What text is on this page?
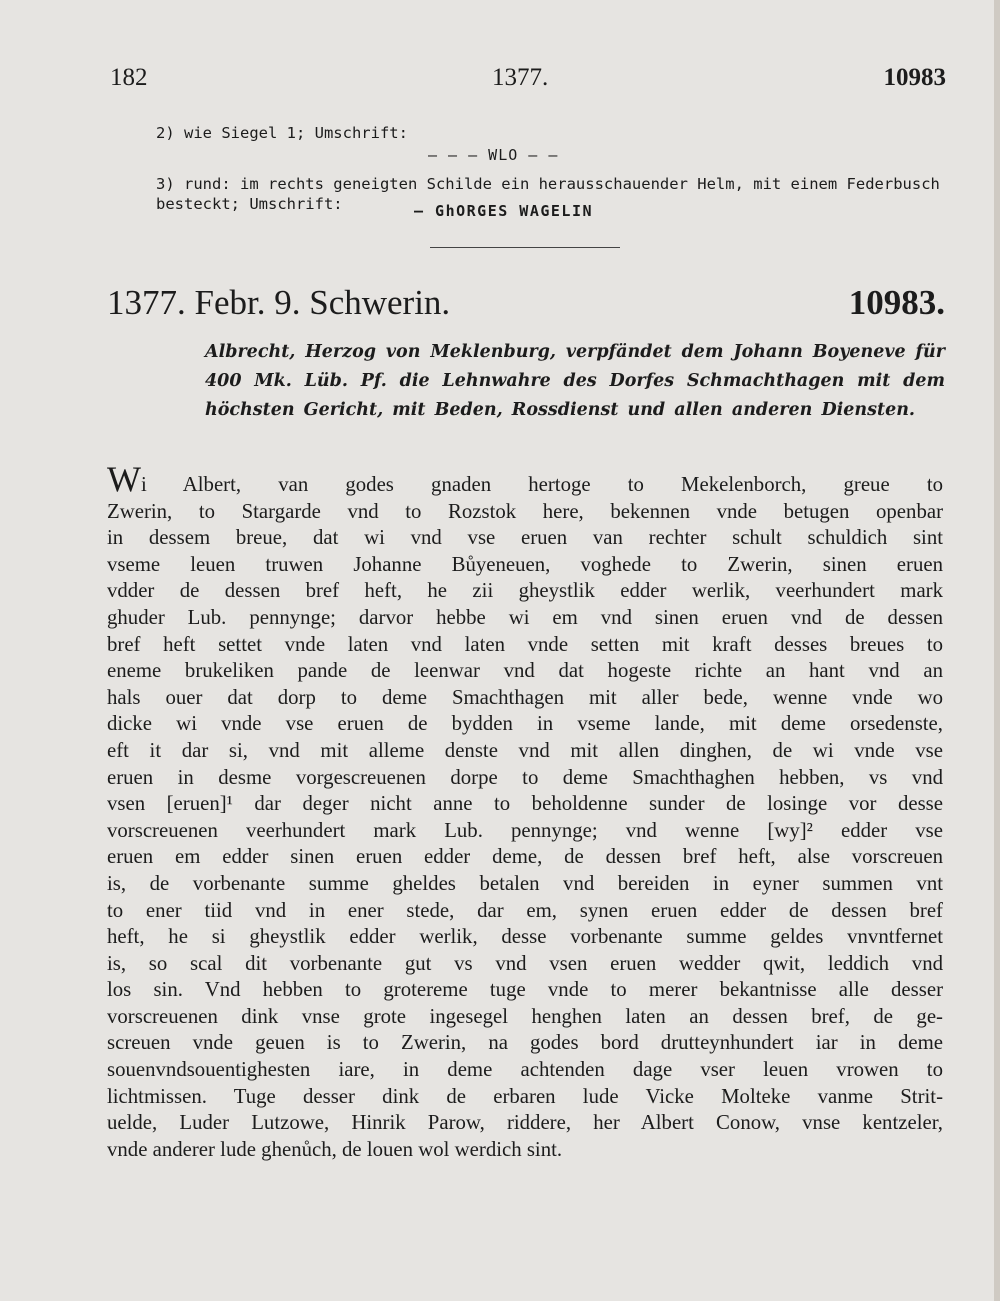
182	1377.	10983
2) wie Siegel 1; Umschrift:
— — — WLO — —
3) rund: im rechts geneigten Schilde ein herausschauender Helm, mit einem Federbusch besteckt; Umschrift:	— GhORGES WAGELIN
1377. Febr. 9. Schwerin.	10983.
Albrecht, Herzog von Meklenburg, verpfändet dem Johann Boyeneve für 400 Mk. Lüb. Pf. die Lehnwahre des Dorfes Schmachthagen mit dem höchsten Gericht, mit Beden, Rossdienst und allen anderen Diensten.
Wi Albert, van godes gnaden hertoge to Mekelenborch, greue to
Zwerin, to Stargarde vnd to Rozstok here, bekennen vnde betugen openbar
in dessem breue, dat wi vnd vse eruen van rechter schult schuldich sint
vseme leuen truwen Johanne Bůyeneuen, voghede to Zwerin, sinen eruen
vdder de dessen bref heft, he zii gheystlik edder werlik, veerhundert mark
ghuder Lub. pennynge; darvor hebbe wi em vnd sinen eruen vnd de dessen
bref heft settet vnde laten vnd laten vnde setten mit kraft desses breues to
eneme brukeliken pande de leenwar vnd dat hogeste richte an hant vnd an
hals ouer dat dorp to deme Smachthagen mit aller bede, wenne vnde wo
dicke wi vnde vse eruen de bydden in vseme lande, mit deme orsedenste,
eft it dar si, vnd mit alleme denste vnd mit allen dinghen, de wi vnde vse
eruen in desme vorgescreuenen dorpe to deme Smachthaghen hebben, vs vnd
vsen [eruen]¹ dar deger nicht anne to beholdenne sunder de losinge vor desse
vorscreuenen veerhundert mark Lub. pennynge; vnd wenne [wy]² edder vse
eruen em edder sinen eruen edder deme, de dessen bref heft, alse vorscreuen
is, de vorbenante summe gheldes betalen vnd bereiden in eyner summen vnt
to ener tiid vnd in ener stede, dar em, synen eruen edder de dessen bref
heft, he si gheystlik edder werlik, desse vorbenante summe geldes vnvntfernet
is, so scal dit vorbenante gut vs vnd vsen eruen wedder qwit, leddich vnd
los sin. Vnd hebben to grotereme tuge vnde to merer bekantnisse alle desser
vorscreuenen dink vnse grote ingesegel henghen laten an dessen bref, de ge-
screuen vnde geuen is to Zwerin, na godes bord drutteynhundert iar in deme
souenvndsouentighesten iare, in deme achtenden dage vser leuen vrowen to
lichtmissen. Tuge desser dink de erbaren lude Vicke Molteke vanme Strit-
uelde, Luder Lutzowe, Hinrik Parow, riddere, her Albert Conow, vnse kentzeler,
vnde anderer lude ghenůch, de louen wol werdich sint.
